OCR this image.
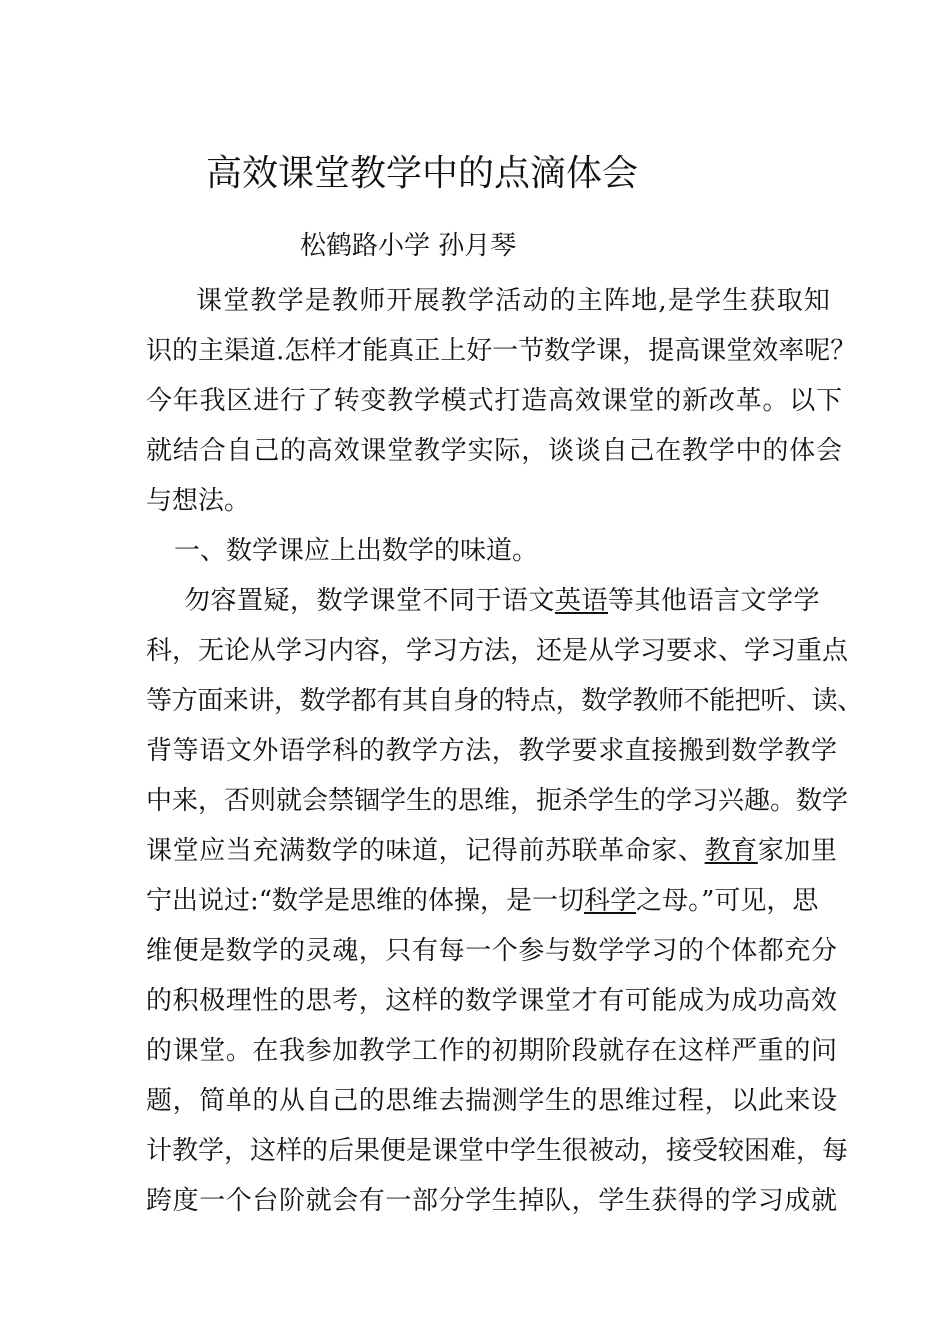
高效课堂教学中的点滴体会
松鹤路小学 孙月琴
课堂教学是教师开展教学活动的主阵地,是学生获取知
识的主渠道.怎样才能真正上好一节数学课，提高课堂效率呢？
今年我区进行了转变教学模式打造高效课堂的新改革。以下
就结合自己的高效课堂教学实际，谈谈自己在教学中的体会
与想法。
一、数学课应上出数学的味道。
勿容置疑，数学课堂不同于语文英语等其他语言文学学
科，无论从学习内容，学习方法，还是从学习要求、学习重点
等方面来讲，数学都有其自身的特点，数学教师不能把听、读、
背等语文外语学科的教学方法，教学要求直接搬到数学教学
中来，否则就会禁锢学生的思维，扼杀学生的学习兴趣。数学
课堂应当充满数学的味道，记得前苏联革命家、教育家加里
宁出说过:“数学是思维的体操，是一切科学之母。”可见，思
维便是数学的灵魂，只有每一个参与数学学习的个体都充分
的积极理性的思考，这样的数学课堂才有可能成为成功高效
的课堂。在我参加教学工作的初期阶段就存在这样严重的问
题，简单的从自己的思维去揣测学生的思维过程，以此来设
计教学，这样的后果便是课堂中学生很被动，接受较困难，每
跨度一个台阶就会有一部分学生掉队，学生获得的学习成就
